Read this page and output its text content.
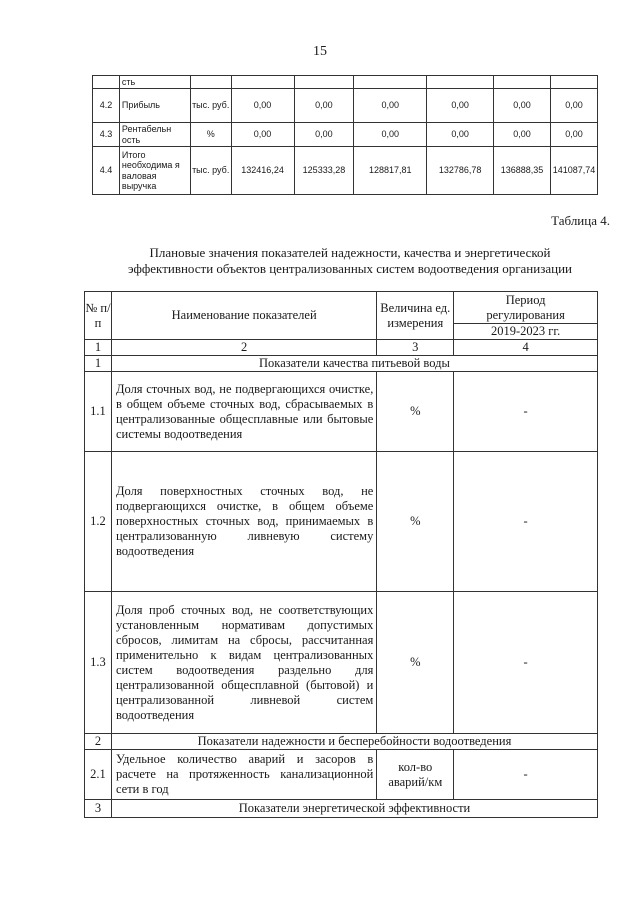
15
	сть							
4.2	Прибыль	тыс. руб.	0,00	0,00	0,00	0,00	0,00	0,00
4.3	Рентабельн ость	%	0,00	0,00	0,00	0,00	0,00	0,00
4.4	Итого необходима я валовая выручка	тыс. руб.	132416,24	125333,28	128817,81	132786,78	136888,35	141087,74
Таблица 4.
Плановые значения показателей надежности, качества и энергетической
эффективности объектов централизованных систем водоотведения организации
№ п/п	Наименование показателей	Величина ед. измерения	Период
регулирования
2019-2023 гг.

1	2	3	4
1	Показатели качества питьевой воды		
1.1	Доля сточных вод, не подвергающихся очистке, в общем объеме сточных вод, сбрасываемых в централизованные общесплавные или бытовые системы водоотведения	%	-
1.2	Доля поверхностных сточных вод, не подвергающихся очистке, в общем объеме поверхностных сточных вод, принимаемых в централизованную ливневую систему водоотведения	%	-
1.3	Доля проб сточных вод, не соответствующих установленным нормативам допустимых сбросов, лимитам на сбросы, рассчитанная применительно к видам централизованных систем водоотведения раздельно для централизованной общесплавной (бытовой) и централизованной ливневой систем водоотведения	%	-
2	Показатели надежности и бесперебойности водоотведения		
2.1	Удельное количество аварий и засоров в расчете на протяженность канализационной сети в год	кол-во аварий/км	-
3	Показатели энергетической эффективности		
